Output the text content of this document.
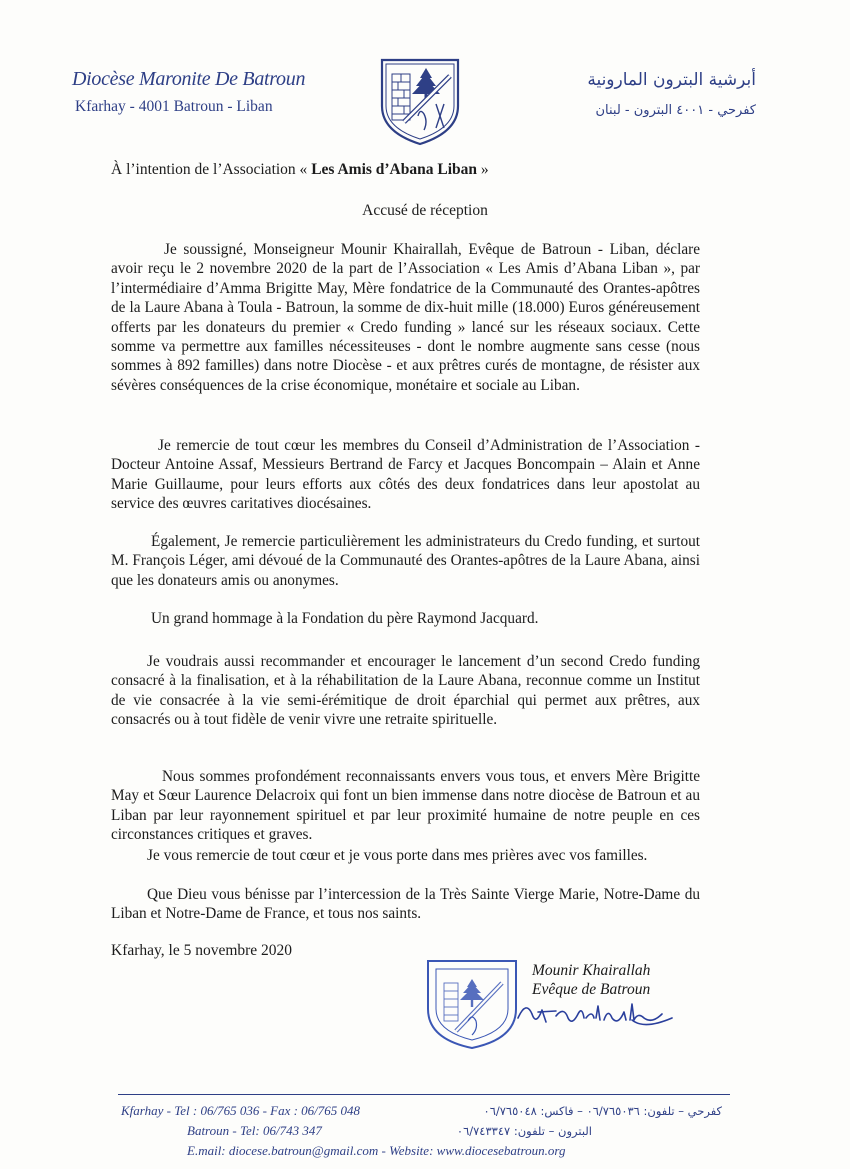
Diocèse Maronite De Batroun
Kfarhay - 4001 Batroun - Liban
أبرشية البترون المارونية
كفرحي - ٤٠٠١ البترون - لبنان
À l’intention de l’Association « Les Amis d’Abana Liban »
Accusé de réception
Je soussigné, Monseigneur Mounir Khairallah, Evêque de Batroun - Liban, déclare avoir reçu le 2 novembre 2020 de la part de l’Association « Les Amis d’Abana Liban », par l’intermédiaire d’Amma Brigitte May, Mère fondatrice de la Communauté des Orantes-apôtres de la Laure Abana à Toula - Batroun, la somme de dix-huit mille (18.000) Euros généreusement offerts par les donateurs du premier « Credo funding » lancé sur les réseaux sociaux. Cette somme va permettre aux familles nécessiteuses - dont le nombre augmente sans cesse (nous sommes à 892 familles) dans notre Diocèse - et aux prêtres curés de montagne, de résister aux sévères conséquences de la crise économique, monétaire et sociale au Liban.
Je remercie de tout cœur les membres du Conseil d’Administration de l’Association - Docteur Antoine Assaf, Messieurs Bertrand de Farcy et Jacques Boncompain – Alain et Anne Marie Guillaume, pour leurs efforts aux côtés des deux fondatrices dans leur apostolat au service des œuvres caritatives diocésaines.
Également, Je remercie particulièrement les administrateurs du Credo funding, et surtout M. François Léger, ami dévoué de la Communauté des Orantes-apôtres de la Laure Abana, ainsi que les donateurs amis ou anonymes.
Un grand hommage à la Fondation du père Raymond Jacquard.
Je voudrais aussi recommander et encourager le lancement d’un second Credo funding consacré à la finalisation, et à la réhabilitation de la Laure Abana, reconnue comme un Institut de vie consacrée à la vie semi-érémitique de droit éparchial qui permet aux prêtres, aux consacrés ou à tout fidèle de venir vivre une retraite spirituelle.
Nous sommes profondément reconnaissants envers vous tous, et envers Mère Brigitte May et Sœur Laurence Delacroix qui font un bien immense dans notre diocèse de Batroun et au Liban par leur rayonnement spirituel et par leur proximité humaine de notre peuple en ces circonstances critiques et graves.
Je vous remercie de tout cœur et je vous porte dans mes prières avec vos familles.
Que Dieu vous bénisse par l’intercession de la Très Sainte Vierge Marie, Notre-Dame du Liban et Notre-Dame de France, et tous nos saints.
Kfarhay, le 5 novembre 2020
Mounir Khairallah
Evêque de Batroun
Kfarhay - Tel : 06/765 036 - Fax : 06/765 048
Batroun - Tel: 06/743 347
E.mail: diocese.batroun@gmail.com - Website: www.diocesebatroun.org
كفرحي – تلفون: ٠٦/٧٦٥٠٣٦ – فاكس: ٠٦/٧٦٥٠٤٨
البترون – تلفون: ٠٦/٧٤٣٣٤٧
